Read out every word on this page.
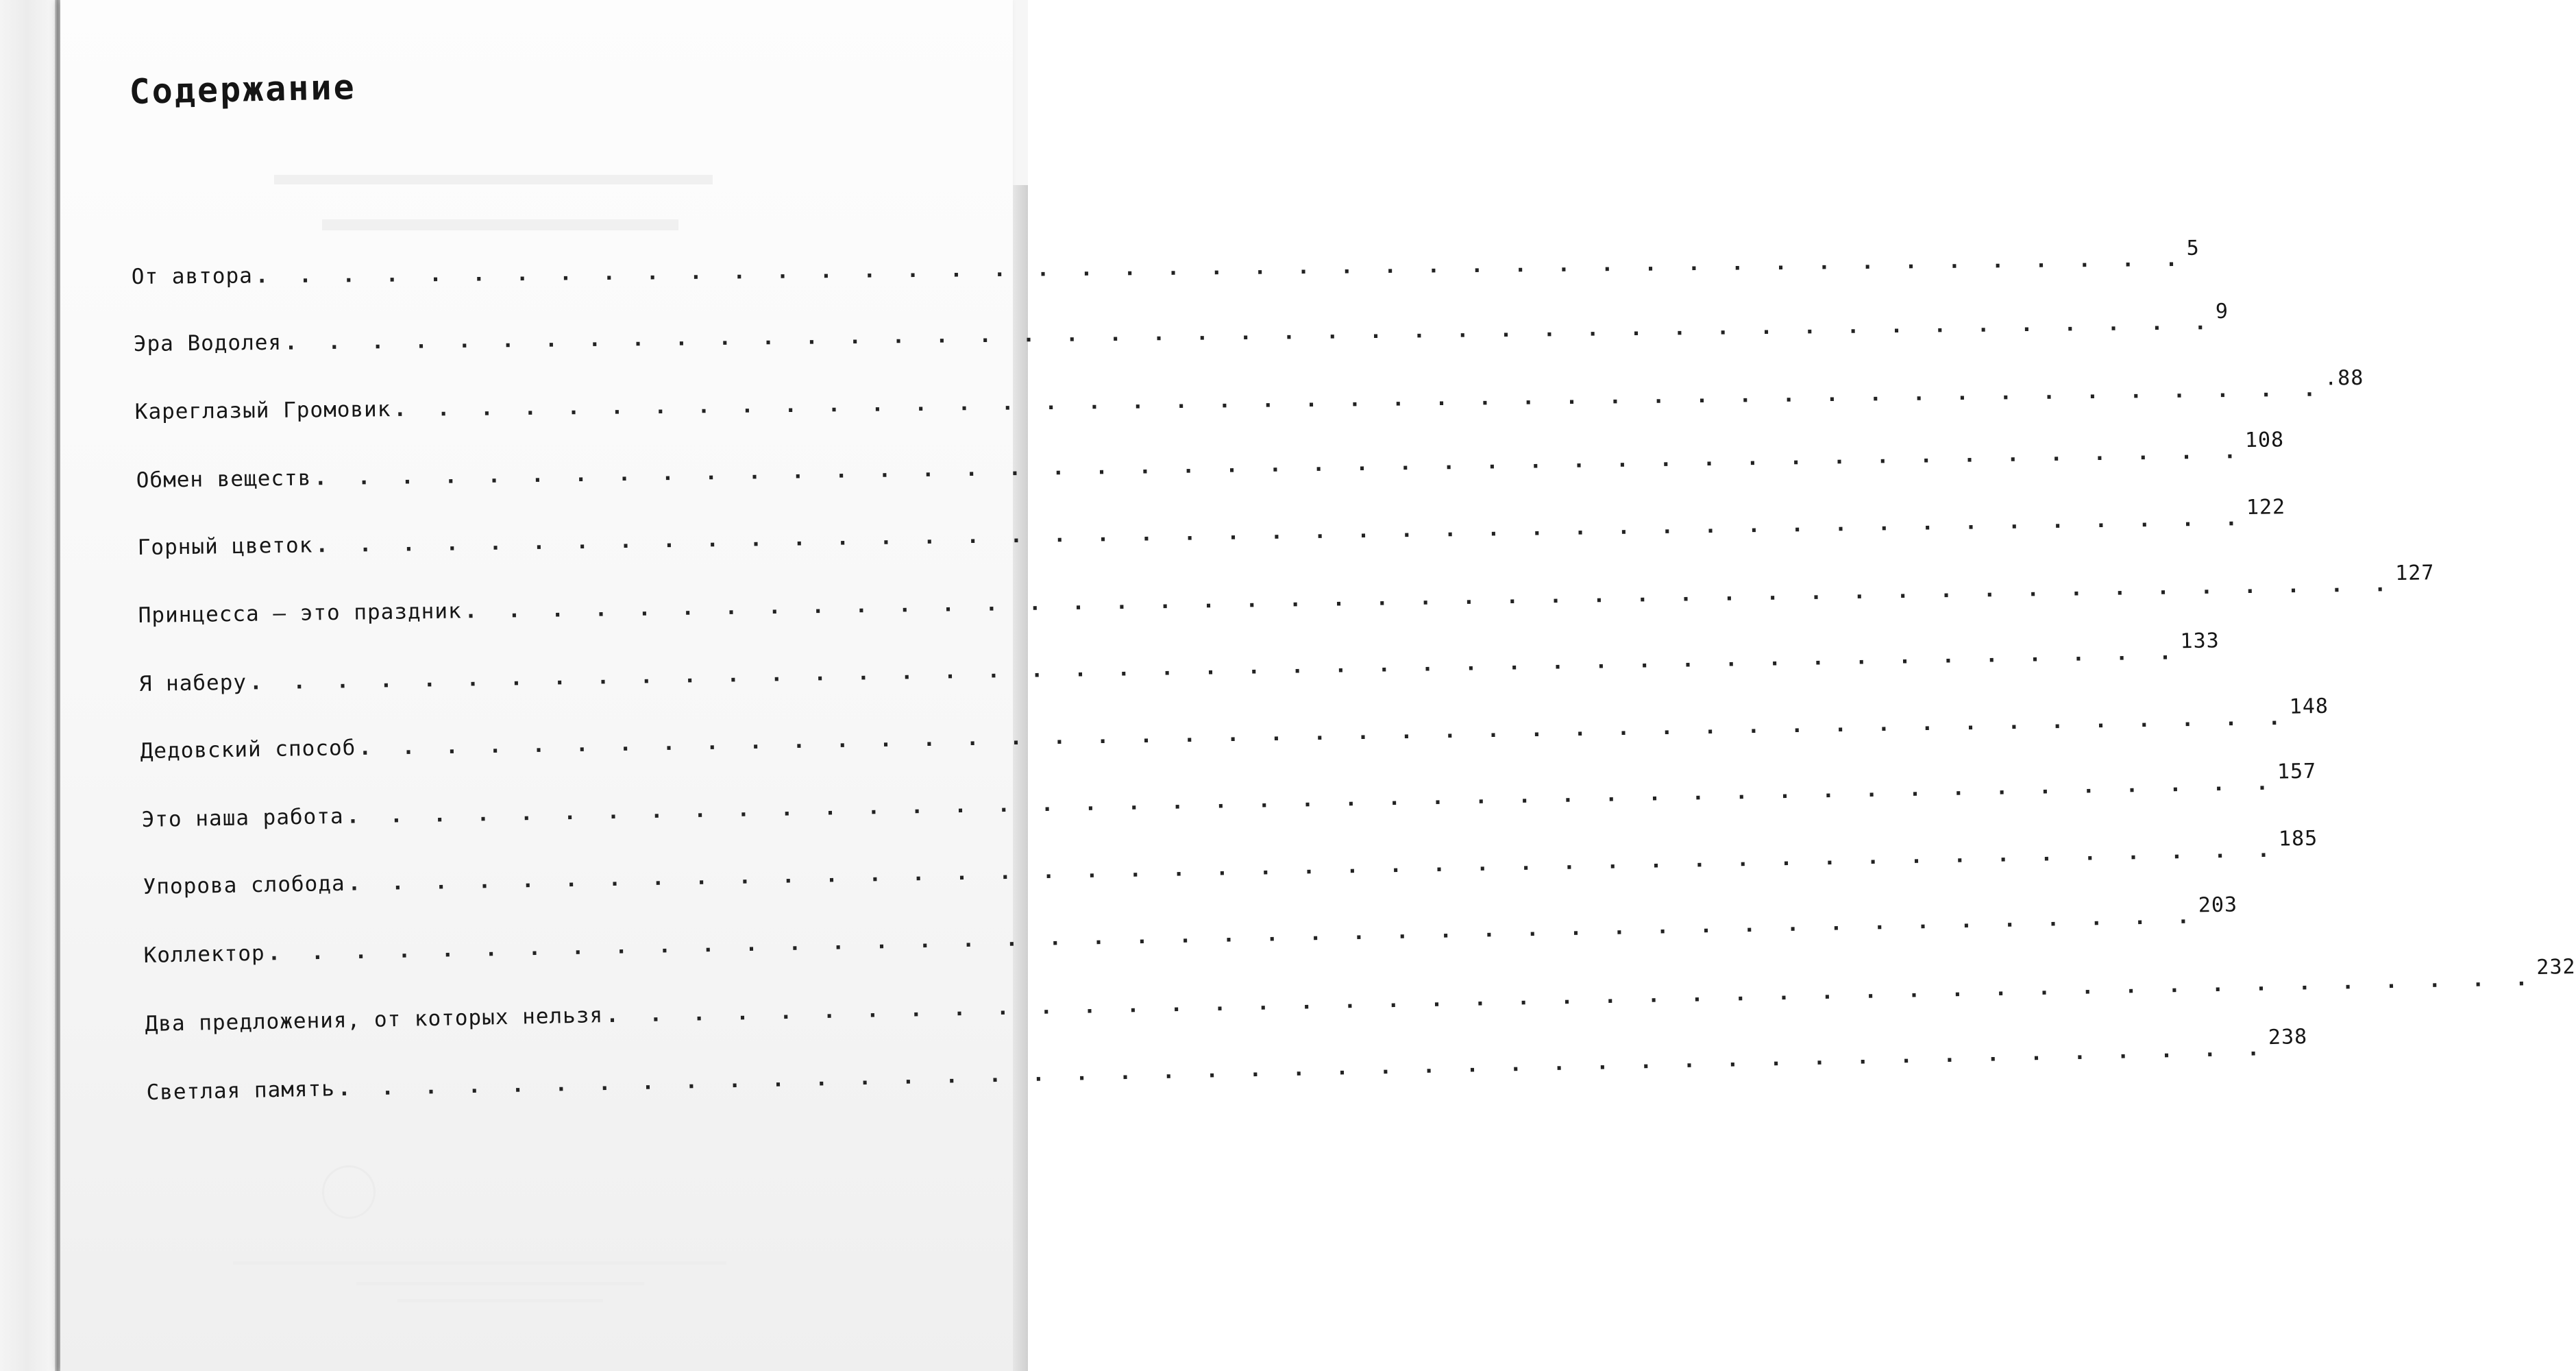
Содержание
От автора . . . . . . . . . . . . . . . . . . . . . . . . . . . . . . . . . . . . . . . . . . . . . 5
Эра Водолея . . . . . . . . . . . . . . . . . . . . . . . . . . . . . . . . . . . . . . . . . . . . . 9
Кареглазый Громовик . . . . . . . . . . . . . . . . . . . . . . . . . . . . . . . . . . . . . . . . . . . . . .88
Обмен веществ . . . . . . . . . . . . . . . . . . . . . . . . . . . . . . . . . . . . . . . . . . . . . 108
Горный цветок . . . . . . . . . . . . . . . . . . . . . . . . . . . . . . . . . . . . . . . . . . . . . 122
Принцесса — это праздник . . . . . . . . . . . . . . . . . . . . . . . . . . . . . . . . . . . . . . . . . . . . . 127
Я наберу . . . . . . . . . . . . . . . . . . . . . . . . . . . . . . . . . . . . . . . . . . . . . 133
Дедовский способ . . . . . . . . . . . . . . . . . . . . . . . . . . . . . . . . . . . . . . . . . . . . . 148
Это наша работа . . . . . . . . . . . . . . . . . . . . . . . . . . . . . . . . . . . . . . . . . . . . . 157
Упорова слобода . . . . . . . . . . . . . . . . . . . . . . . . . . . . . . . . . . . . . . . . . . . . . 185
Коллектор . . . . . . . . . . . . . . . . . . . . . . . . . . . . . . . . . . . . . . . . . . . . . 203
Два предложения, от которых нельзя . . . . . . . . . . . . . . . . . . . . . . . . . . . . . . . . . . . . . . . . . . . . . 232
Светлая память . . . . . . . . . . . . . . . . . . . . . . . . . . . . . . . . . . . . . . . . . . . . .
238
